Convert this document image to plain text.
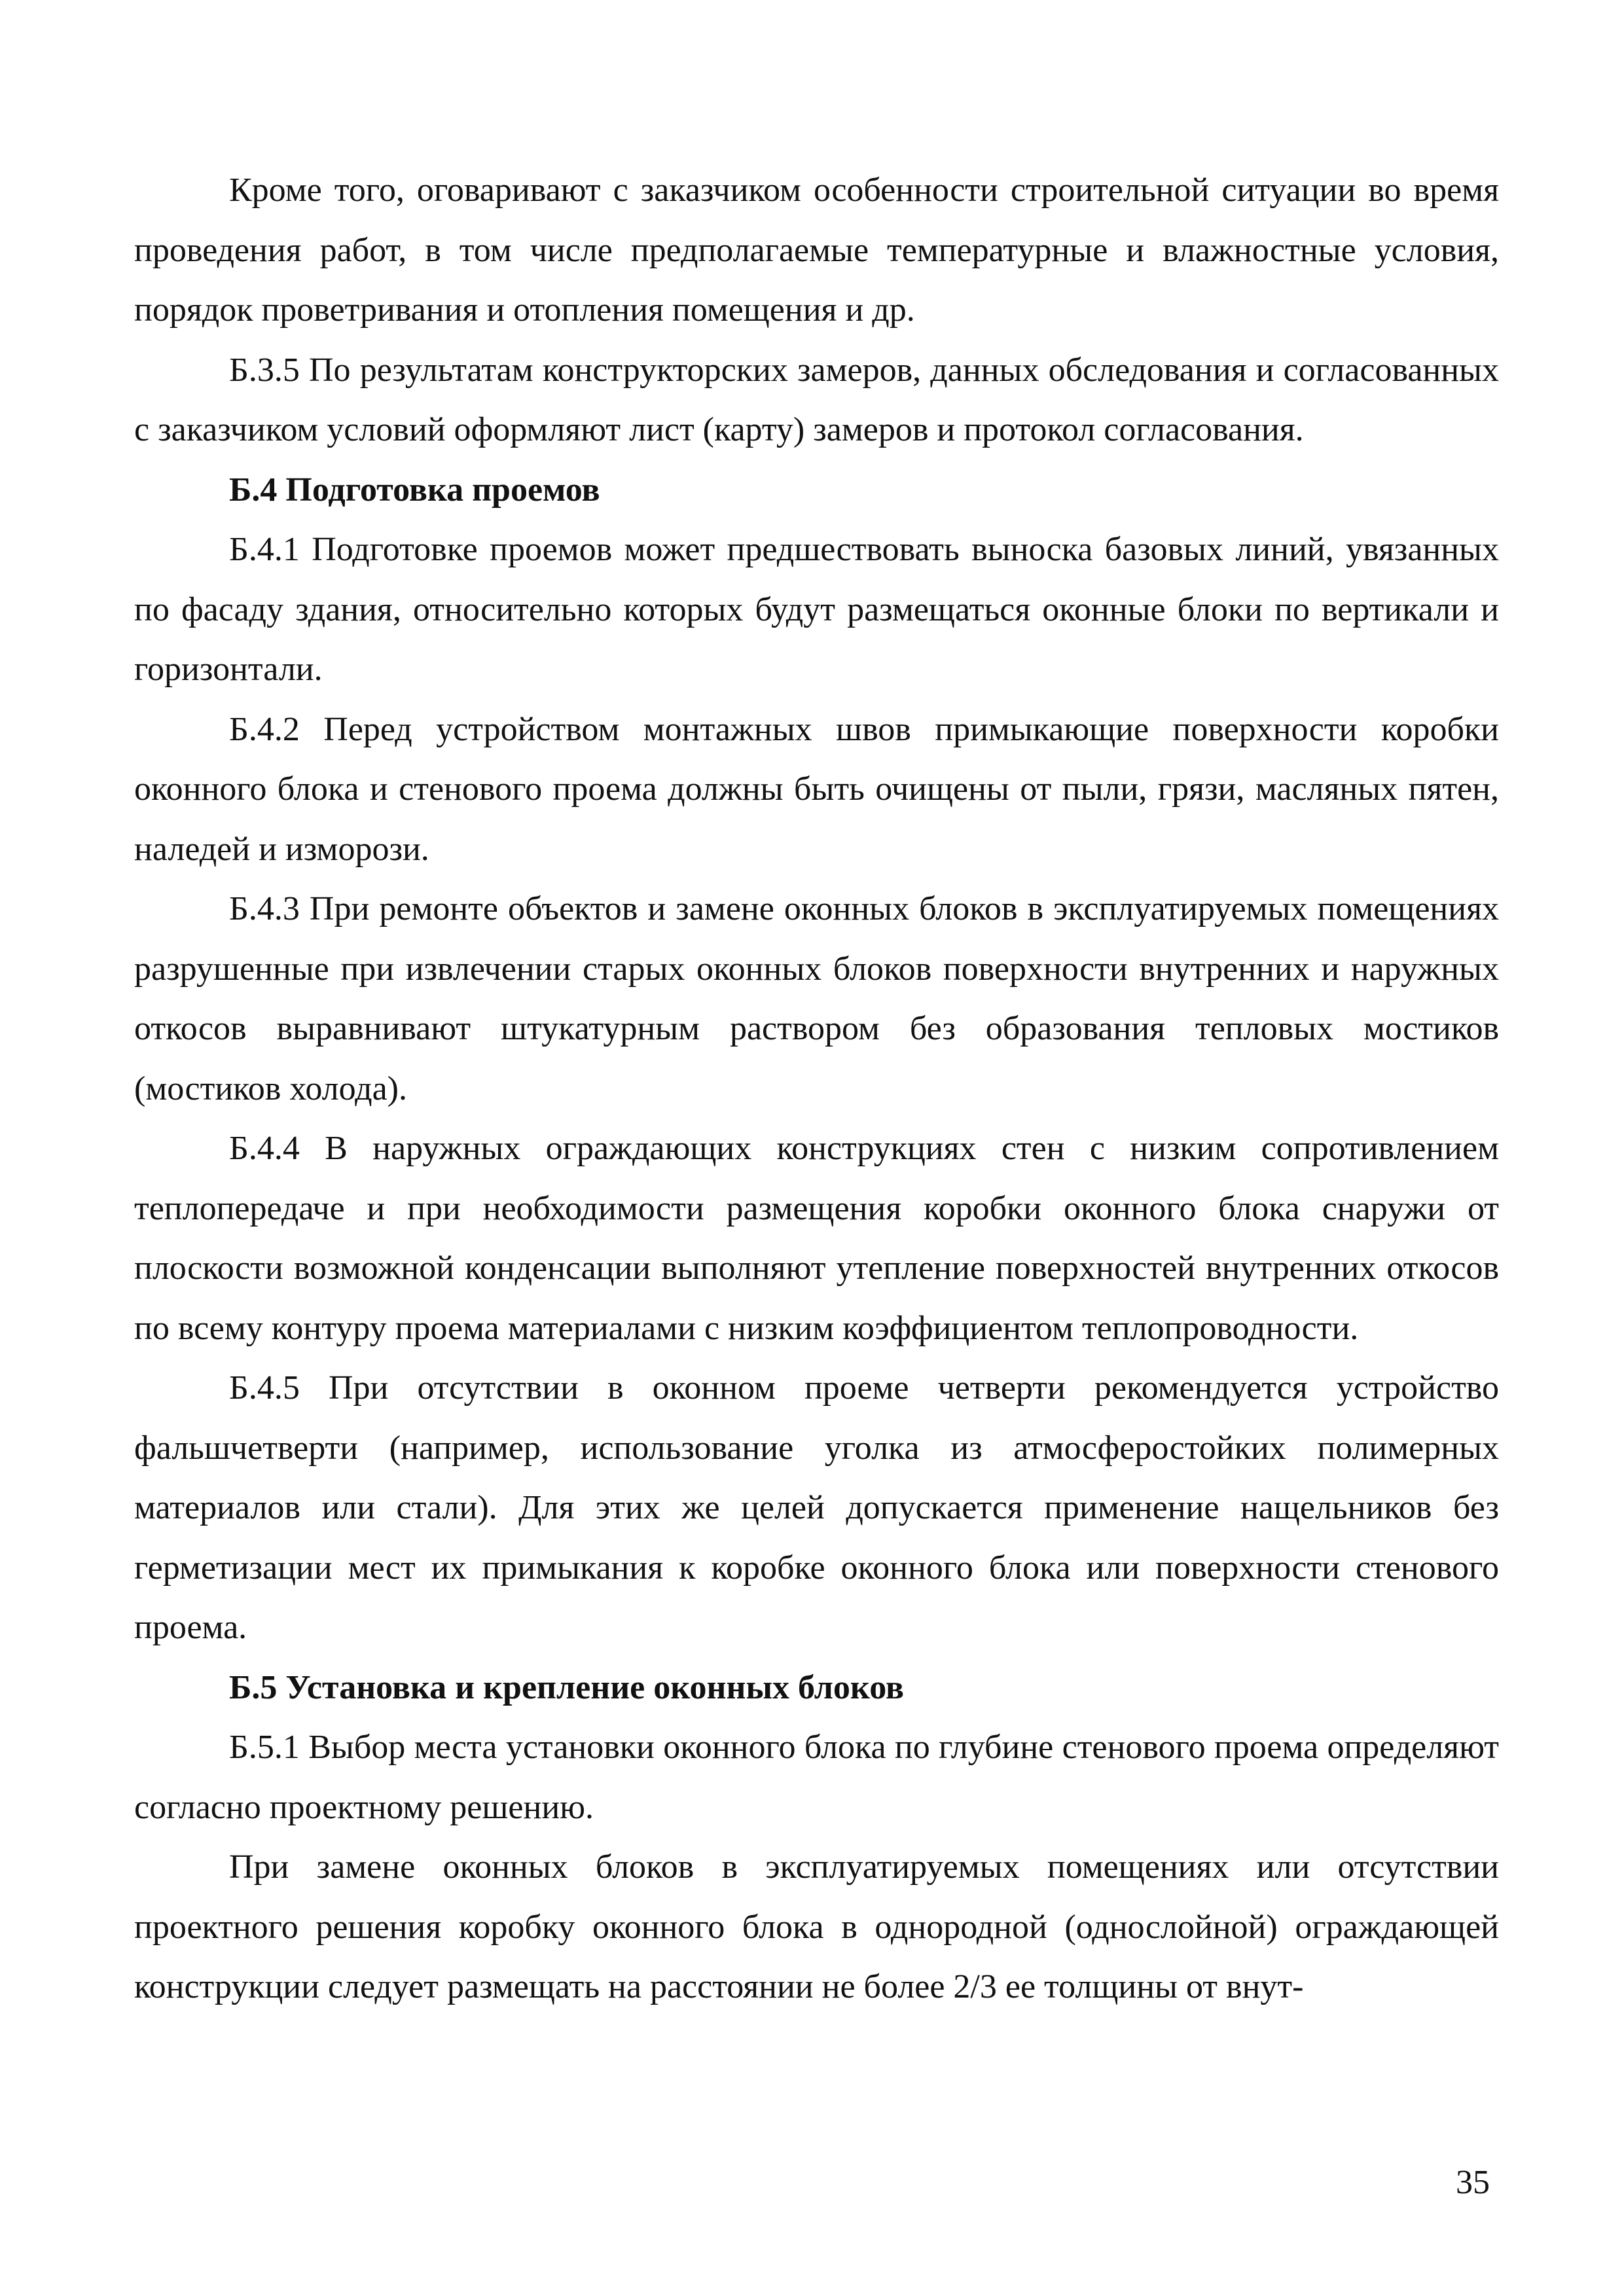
Кроме того, оговаривают с заказчиком особенности строительной ситуации во время проведения работ, в том числе предполагаемые температурные и влажностные условия, порядок проветривания и отопления помещения и др.

Б.3.5 По результатам конструкторских замеров, данных обследования и согласованных с заказчиком условий оформляют лист (карту) замеров и протокол согласования.

Б.4 Подготовка проемов

Б.4.1 Подготовке проемов может предшествовать выноска базовых линий, увязанных по фасаду здания, относительно которых будут размещаться оконные блоки по вертикали и горизонтали.

Б.4.2 Перед устройством монтажных швов примыкающие поверхности коробки оконного блока и стенового проема должны быть очищены от пыли, грязи, масляных пятен, наледей и изморози.

Б.4.3 При ремонте объектов и замене оконных блоков в эксплуатируемых помещениях разрушенные при извлечении старых оконных блоков поверхности внутренних и наружных откосов выравнивают штукатурным раствором без образования тепловых мостиков (мостиков холода).

Б.4.4 В наружных ограждающих конструкциях стен с низким сопротивлением теплопередаче и при необходимости размещения коробки оконного блока снаружи от плоскости возможной конденсации выполняют утепление поверхностей внутренних откосов по всему контуру проема материалами с низким коэффициентом теплопроводности.

Б.4.5 При отсутствии в оконном проеме четверти рекомендуется устройство фальшчетверти (например, использование уголка из атмосферостойких полимерных материалов или стали). Для этих же целей допускается применение нащельников без герметизации мест их примыкания к коробке оконного блока или поверхности стенового проема.

Б.5 Установка и крепление оконных блоков

Б.5.1 Выбор места установки оконного блока по глубине стенового проема определяют согласно проектному решению.

При замене оконных блоков в эксплуатируемых помещениях или отсутствии проектного решения коробку оконного блока в однородной (однослойной) ограждающей конструкции следует размещать на расстоянии не более 2/3 ее толщины от внут-

35
